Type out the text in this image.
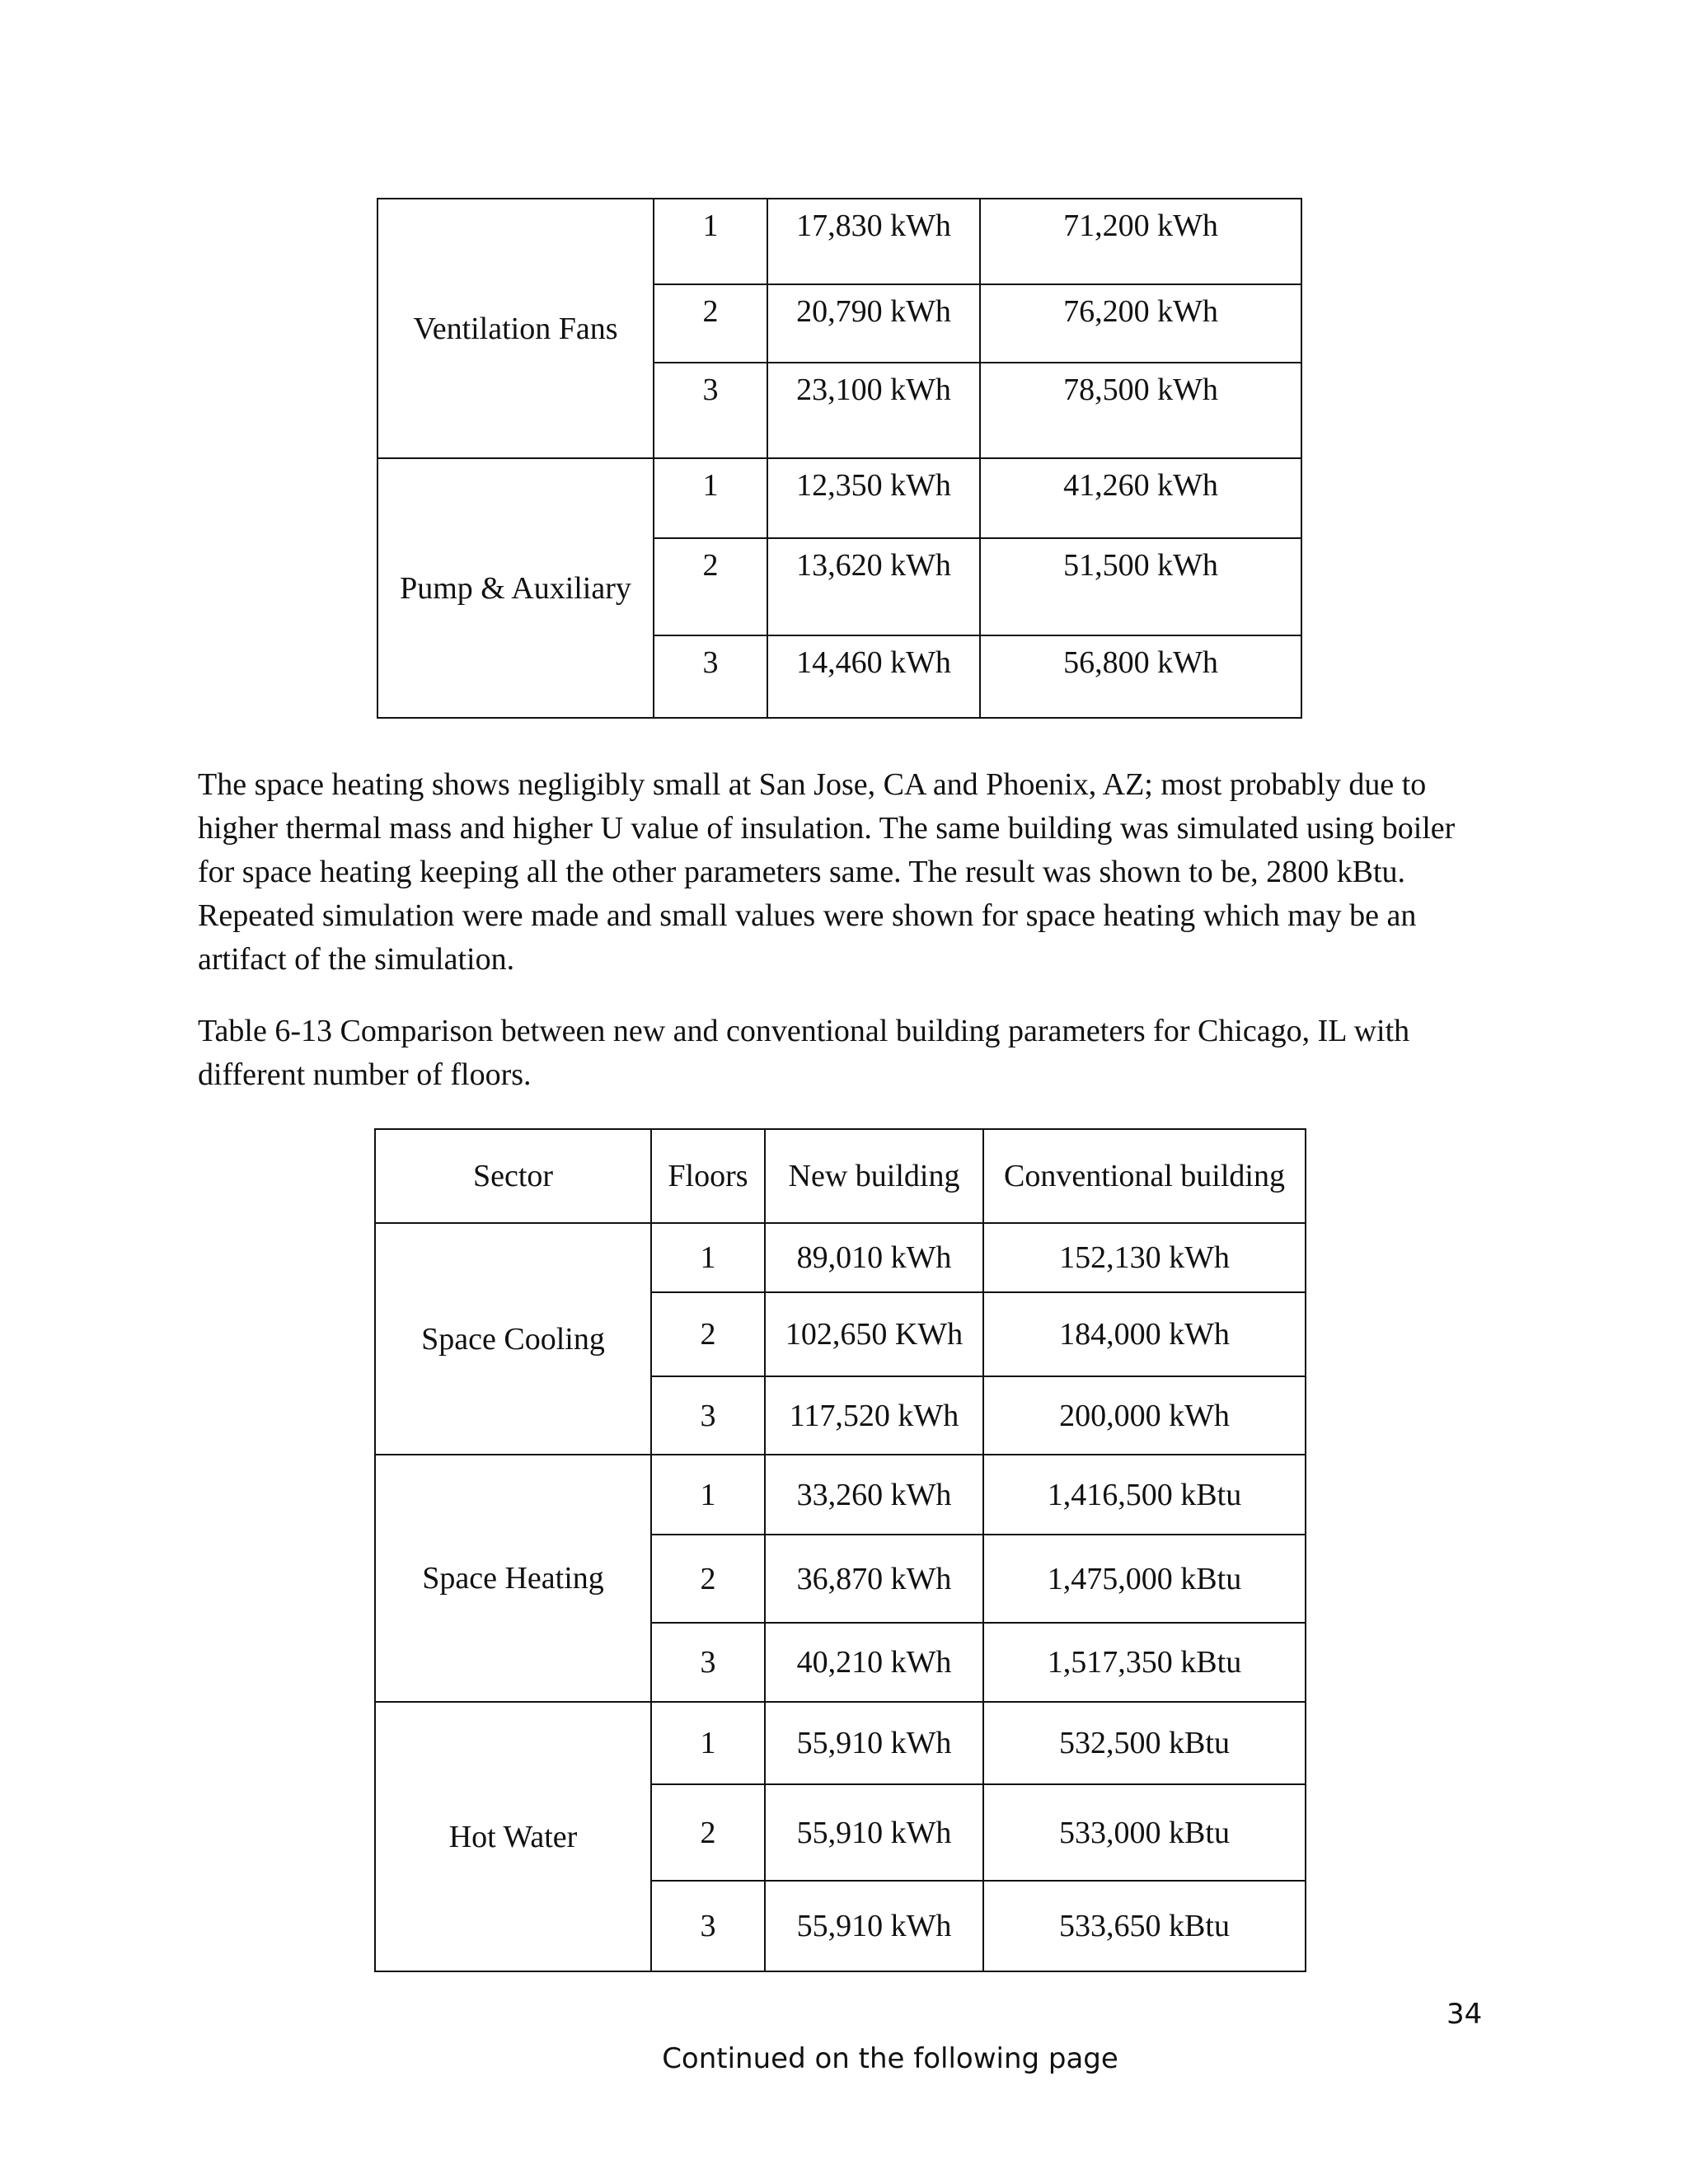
Ventilation Fans	1	17,830 kWh	71,200 kWh
	2	20,790 kWh	76,200 kWh
	3	23,100 kWh	78,500 kWh
Pump & Auxiliary	1	12,350 kWh	41,260 kWh
	2	13,620 kWh	51,500 kWh
	3	14,460 kWh	56,800 kWh

The space heating shows negligibly small at San Jose, CA and Phoenix, AZ; most probably due to higher thermal mass and higher U value of insulation. The same building was simulated using boiler for space heating keeping all the other parameters same. The result was shown to be, 2800 kBtu. Repeated simulation were made and small values were shown for space heating which may be an artifact of the simulation.

Table 6-13 Comparison between new and conventional building parameters for Chicago, IL with different number of floors.

Sector	Floors	New building	Conventional building
Space Cooling	1	89,010 kWh	152,130 kWh
	2	102,650 KWh	184,000 kWh
	3	117,520 kWh	200,000 kWh
Space Heating	1	33,260 kWh	1,416,500 kBtu
	2	36,870 kWh	1,475,000 kBtu
	3	40,210 kWh	1,517,350 kBtu
Hot Water	1	55,910 kWh	532,500 kBtu
	2	55,910 kWh	533,000 kBtu
	3	55,910 kWh	533,650 kBtu
34
Continued on the following page
